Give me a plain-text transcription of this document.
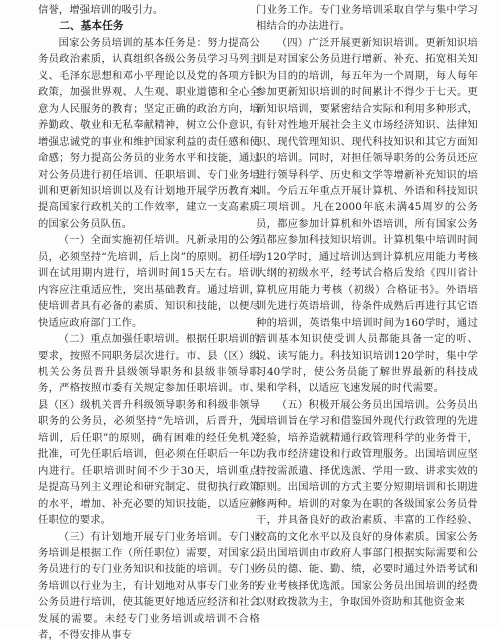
信誉，增强培训的吸引力。

二、基本任务

国家公务员培训的基本任务是：努力提高公务员政治素质，认真组织各级公务员学习马列主义、毛泽东思想和邓小平理论以及党的各项方针政策，加强世界观、人生观、职业道德和全心全意为人民服务的教育；坚定正确的政治方向，培养勤政、敬业和无私奉献精神，树立公仆意识，增强忠诚党的事业和维护国家利益的责任感和使命感；努力提高公务员的业务水平和技能，通过对公务员进行初任培训、任职培训、专门业务培训和更新知识培训以及有计划地开展学历教育来提高国家行政机关的工作效率，建立一支高素质的国家公务员队伍。

（一）全面实施初任培训。凡新录用的公务员，必须坚持“先培训，后上岗”的原则。初任培训在试用期内进行，培训时间15天左右。培训内容应注重适应性，突出基础教育。通过培训，使培训者具有必备的素质、知识和技能，以便尽快适应政府部门工作。

（二）重点加强任职培训。根据任职培训的要求，按照不同职务层次进行。市、县（区）级机关公务员晋升县级领导职务和县级非领导职务，严格按照市委有关规定参加任职培训。市、县（区）级机关晋升科级领导职务和科级非领导职务的公务员，必须坚持“先培训，后晋升，先培训，后任职”的原则，确有困难的经任免机关批准，可先任职后培训，但必须在任职后一年以内进行。任职培训时间不少于30天，培训重点是提高马列主义理论和研究制定、贯彻执行政策的水平，增加、补充必要的知识技能，以适应新任职位的要求。

（三）有计划地开展专门业务培训。专门业务培训是根据工作（所任职位）需要，对国家公务员进行的专门业务知识和技能的培训。专门业务培训以行业为主，有计划地对从事专门业务的公务员进行培训，使其能更好地适应经济和社会发展的需要。未经专门业务培训或培训不合格者，不得安排从事专

门业务工作。专门业务培训采取自学与集中学习相结合的办法进行。

（四）广泛开展更新知识培训。更新知识培训是对国家公务员进行增新、补充、拓宽相关知识为目的的培训，每五年为一个周期，每人每年参加更新知识培训的时间累计不得少于七天。更新知识培训，要紧密结合实际和利用多种形式，有针对性地开展社会主义市场经济知识、法律知识、现代管理知识、现代科技知识和其它方面知识的培训。同时，对担任领导职务的公务员还应进行领导科学、历史和文学等增新补充知识的培训。今后五年重点开展计算机、外语和科技知识三项培训。凡在2000年底未满45周岁的公务员，都应参加计算机和外语培训，所有国家公务员都应参加科技知识培训。计算机集中培训时间为120学时，通过培训达到计算机应用能力考核大纲的初级水平，经考试合格后发给《四川省计算机应用能力考核（初级）合格证书》。外语培训先进行英语培训，待条件成熟后再进行其它语种的培训，英语集中培训时间为160学时，通过培训基本知识使受训人员都能具备一定的听、说、读写能力。科技知识培训120学时，集中学习40学时，使公务员能了解世界最新的科技成果和学科，以适应飞速发展的时代需要。

（五）积极开展公务员出国培训。公务员出国培训旨在学习和借鉴国外现代行政管理的先进经验，培养造就精通行政管理科学的业务骨干，为我市经济建设和行政管理服务。出国培训应坚持按需派遣、择优选派、学用一致、讲求实效的原则。出国培训的方式主要分短期培训和长期进修两种。培训的对象为在职的各级国家公务员骨干，并具备良好的政治素质、丰富的工作经验、较高的文化水平以及良好的身体素质。国家公务员出国培训由市政府人事部门根据实际需要和公务员的德、能、勤、绩，必要时通过外语考试和专业考核择优选派。国家公务员出国培训的经费以财政拨款为主，争取国外资助和其他资金来
